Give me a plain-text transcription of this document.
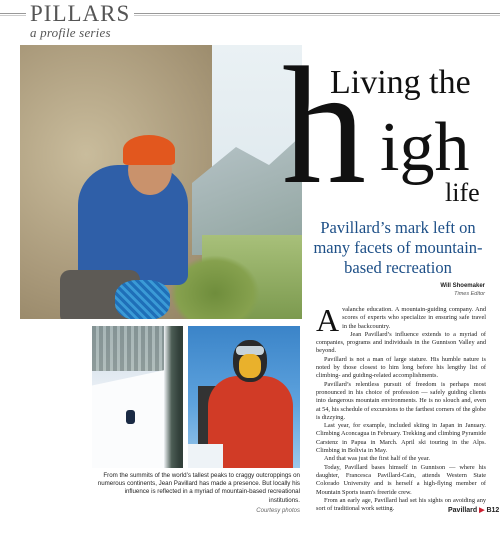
PILLARS
a profile series
h
Living the
igh
life
Pavillard’s mark left on many facets of mountain-based recreation
Will Shoemaker
Times Editor

Avalanche education. A mountain-guiding company. And scores of experts who specialize in ensuring safe travel in the backcountry.

Jean Pavillard’s influence extends to a myriad of companies, programs and individuals in the Gunnison Valley and beyond.

Pavillard is not a man of large stature. His humble nature is noted by those closest to him long before his lengthy list of climbing- and guiding-related accomplishments.

Pavillard’s relentless pursuit of freedom is perhaps most pronounced in his choice of profession — safely guiding clients into dangerous mountain environments. He is no slouch and, even at 54, his schedule of excursions to the farthest corners of the globe is dizzying.

Last year, for example, included skiing in Japan in January. Climbing Aconcagua in February. Trekking and climbing Pyramide Carstenz in Papua in March. April ski touring in the Alps. Climbing in Bolivia in May.

And that was just the first half of the year.

Today, Pavillard bases himself in Gunnison — where his daughter, Francesca Pavillard-Cain, attends Western State Colorado University and is herself a high-flying member of Mountain Sports team's freeride crew.

From an early age, Pavillard had set his sights on avoiding any sort of traditional work setting.	Pavillard ▶ B12
From the summits of the world’s tallest peaks to craggy outcroppings on numerous continents, Jean Pavillard has made a presence. But locally his influence is reflected in a myriad of mountain-based recreational institutions.
Courtesy photos
